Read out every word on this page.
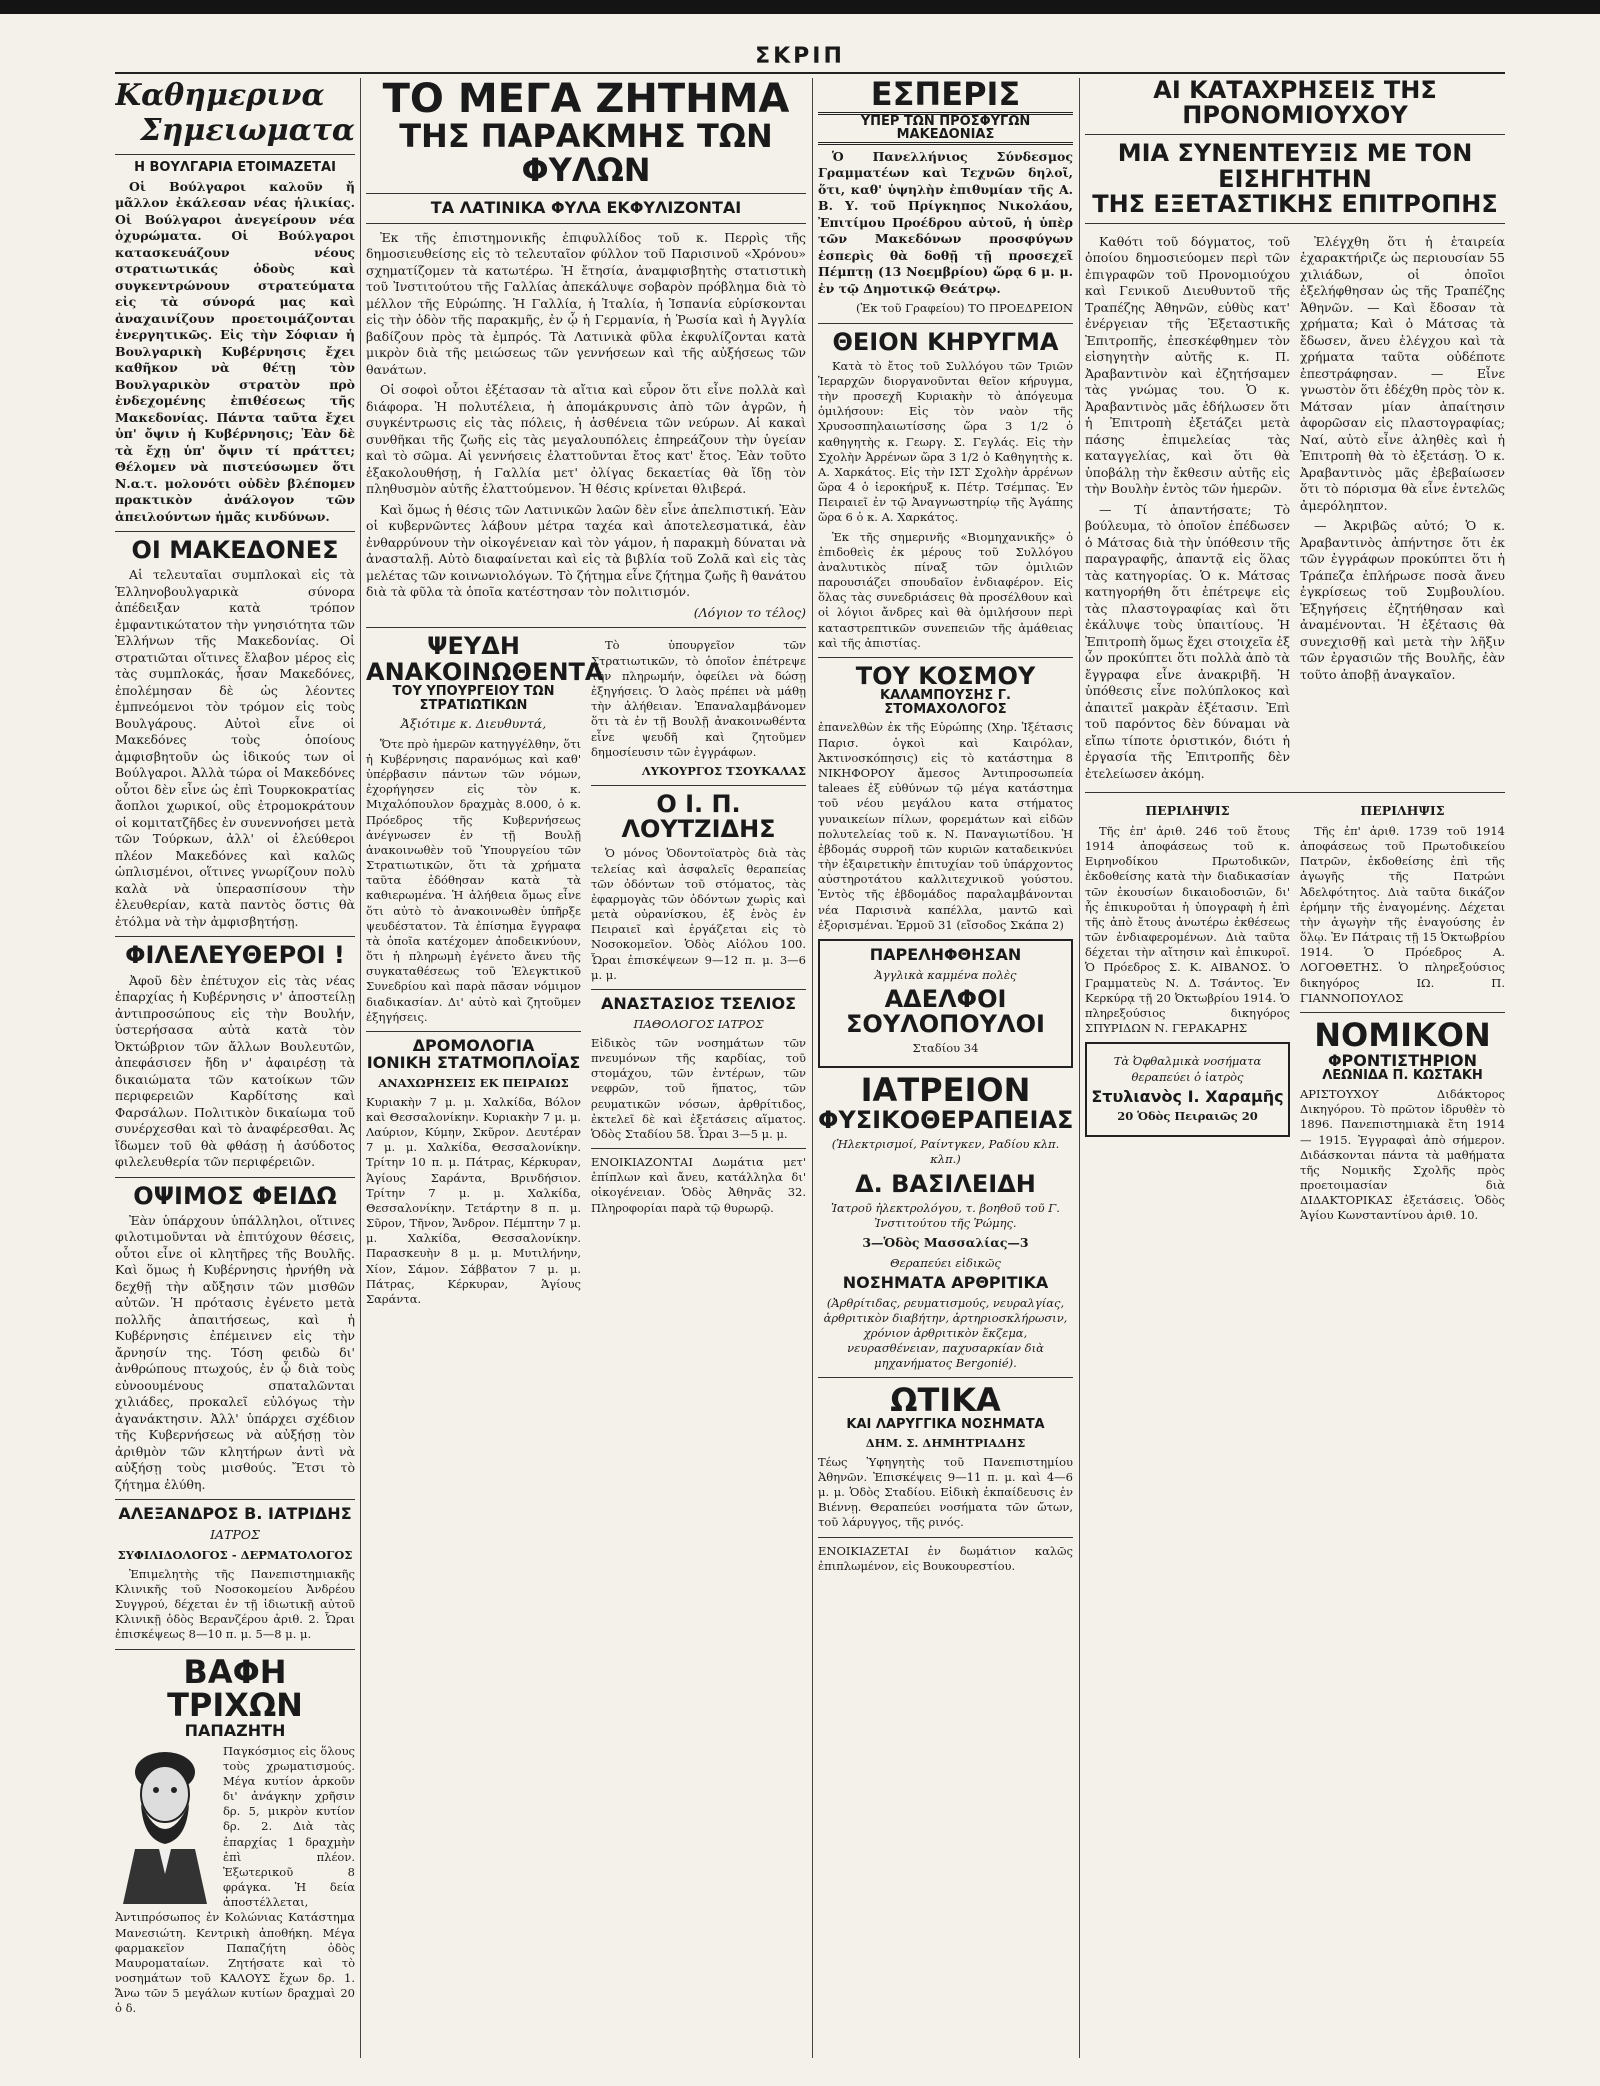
ΣΚΡΙΠ
Καθημερινα
Σημειωματα
Η ΒΟΥΛΓΑΡΙΑ ΕΤΟΙΜΑΖΕΤΑΙ

Οἱ Βούλγαροι καλοῦν ἤ μᾶλλον ἐκάλεσαν νέας ἡλικίας. Οἱ Βούλγαροι ἀνεγείρουν νέα ὀχυρώματα. Οἱ Βούλγαροι κατασκευάζουν νέους στρατιωτικάς ὁδοὺς καὶ συγκεντρώνουν στρατεύματα εἰς τὰ σύνορά μας καὶ ἀναχαινίζουν προετοιμάζονται ἐνεργητικῶς. Εἰς τὴν Σόφιαν ἡ Βουλγαρικὴ Κυβέρνησις ἔχει καθῆκον νὰ θέτῃ τὸν Βουλγαρικὸν στρατὸν πρὸ ἐνδεχομένης ἐπιθέσεως τῆς Μακεδονίας. Πάντα ταῦτα ἔχει ὑπ' ὄψιν ἡ Κυβέρνησις; Ἐὰν δὲ τὰ ἔχῃ ὑπ' ὄψιν τί πράττει; Θέλομεν νὰ πιστεύσωμεν ὅτι Ν.α.τ. μολονότι οὐδὲν βλέπομεν πρακτικὸν ἀνάλογον τῶν ἀπειλούντων ἡμᾶς κινδύνων.

ΟΙ ΜΑΚΕΔΟΝΕΣ

Αἱ τελευταῖαι συμπλοκαὶ εἰς τὰ Ἑλληνοβουλγαρικὰ σύνορα ἀπέδειξαν κατὰ τρόπον ἐμφαντικώτατον τὴν γνησιότητα τῶν Ἑλλήνων τῆς Μακεδονίας. Οἱ στρατιῶται οἵτινες ἔλαβον μέρος εἰς τὰς συμπλοκάς, ἦσαν Μακεδόνες, ἐπολέμησαν δὲ ὡς λέοντες ἐμπνεόμενοι τὸν τρόμον εἰς τοὺς Βουλγάρους. Αὐτοὶ εἶνε οἱ Μακεδόνες τοὺς ὁποίους ἀμφισβητοῦν ὡς ἰδικούς των οἱ Βούλγαροι. Ἀλλὰ τώρα οἱ Μακεδόνες οὗτοι δὲν εἶνε ὡς ἐπὶ Τουρκοκρατίας ἄοπλοι χωρικοί, οὓς ἐτρομοκράτουν οἱ κομιτατζῆδες ἐν συνεννοήσει μετὰ τῶν Τούρκων, ἀλλ' οἱ ἐλεύθεροι πλέον Μακεδόνες καὶ καλῶς ὡπλισμένοι, οἵτινες γνωρίζουν πολὺ καλὰ νὰ ὑπερασπίσουν τὴν ἐλευθερίαν, κατὰ παντὸς ὅστις θὰ ἐτόλμα νὰ τὴν ἀμφισβητήσῃ.

ΦΙΛΕΛΕΥΘΕΡΟΙ !

Ἀφοῦ δὲν ἐπέτυχον εἰς τὰς νέας ἐπαρχίας ἡ Κυβέρνησις ν' ἀποστείλῃ ἀντιπροσώπους εἰς τὴν Βουλήν, ὑστερήσασα αὐτὰ κατὰ τὸν Ὀκτώβριον τῶν ἄλλων Βουλευτῶν, ἀπεφάσισεν ἤδη ν' ἀφαιρέσῃ τὰ δικαιώματα τῶν κατοίκων τῶν περιφερειῶν Καρδίτσης καὶ Φαρσάλων. Πολιτικὸν δικαίωμα τοῦ συνέρχεσθαι καὶ τὸ ἀναφέρεσθαι. Ἀς ἴδωμεν τοῦ θὰ φθάσῃ ἡ ἀσύδοτος φιλελευθερία τῶν περιφέρειῶν.

ΟΨΙΜΟΣ ΦΕΙΔΩ

Ἐὰν ὑπάρχουν ὑπάλληλοι, οἵτινες φιλοτιμοῦνται νὰ ἐπιτύχουν θέσεις, οὗτοι εἶνε οἱ κλητῆρες τῆς Βουλῆς. Καὶ ὅμως ἡ Κυβέρνησις ἠρνήθη νὰ δεχθῇ τὴν αὔξησιν τῶν μισθῶν αὐτῶν. Ἡ πρότασις ἐγένετο μετὰ πολλῆς ἀπαιτήσεως, καὶ ἡ Κυβέρνησις ἐπέμεινεν εἰς τὴν ἄρνησίν της. Τόση φειδὼ δι' ἀνθρώπους πτωχούς, ἐν ᾧ διὰ τοὺς εὐνοουμένους σπαταλῶνται χιλιάδες, προκαλεῖ εὐλόγως τὴν ἀγανάκτησιν. Ἀλλ' ὑπάρχει σχέδιον τῆς Κυβερνήσεως νὰ αὐξήσῃ τὸν ἀριθμὸν τῶν κλητήρων ἀντὶ νὰ αὐξήσῃ τοὺς μισθούς. Ἔτσι τὸ ζήτημα ἐλύθη.

ΑΛΕΞΑΝΔΡΟΣ Β. ΙΑΤΡΙΔΗΣ
ΙΑΤΡΟΣ
ΣΥΦΙΛΙΔΟΛΟΓΟΣ - ΔΕΡΜΑΤΟΛΟΓΟΣ

Ἐπιμελητὴς τῆς Πανεπιστημιακῆς Κλινικῆς τοῦ Νοσοκομείου Ἀνδρέου Συγγρού, δέχεται ἐν τῇ ἰδιωτικῇ αὐτοῦ Κλινικῇ ὁδὸς Βερανζέρου ἀριθ. 2. Ὧραι ἐπισκέψεως 8—10 π. μ. 5—8 μ. μ.

ΒΑΦΗ ΤΡΙΧΩΝ
ΠΑΠΑΖΗΤΗ

Παγκόσμιος εἰς ὅλους τοὺς χρωματισμούς. Μέγα κυτίον ἀρκοῦν δι' ἀνάγκην χρῆσιν δρ. 5, μικρὸν κυτίον δρ. 2. Διὰ τὰς ἐπαρχίας 1 δραχμὴν ἐπὶ πλέον. Ἐξωτερικοῦ 8 φράγκα. Ἡ δεία ἀποστέλλεται, Ἀντιπρόσωπος ἐν Κολώνιας Κατάστημα Μανεσιώτη. Κεντρικὴ ἀποθήκη. Μέγα φαρμακεῖον Παπαζήτη ὁδὸς Μαυροματαίων. Ζητήσατε καὶ τὸ νοσημάτων τοῦ ΚΑΛΟΥΣ ἔχων δρ. 1. Ἄνω τῶν 5 μεγάλων κυτίων δραχμαὶ 20 ὁ δ.

ΤΟ ΜΕΓΑ ΖΗΤΗΜΑ
ΤΗΣ ΠΑΡΑΚΜΗΣ ΤΩΝ ΦΥΛΩΝ
ΤΑ ΛΑΤΙΝΙΚΑ ΦΥΛΑ ΕΚΦΥΛΙΖΟΝΤΑΙ

Ἐκ τῆς ἐπιστημονικῆς ἐπιφυλλίδος τοῦ κ. Περρὶς τῆς δημοσιευθείσης εἰς τὸ τελευταῖον φύλλον τοῦ Παρισινοῦ «Χρόνου» σχηματίζομεν τὰ κατωτέρω. Ἡ ἔτησία, ἀναμφισβητὴς στατιστικὴ τοῦ Ἰνστιτούτου τῆς Γαλλίας ἀπεκάλυψε σοβαρὸν πρόβλημα διὰ τὸ μέλλον τῆς Εὐρώπης. Ἡ Γαλλία, ἡ Ἰταλία, ἡ Ἱσπανία εὑρίσκονται εἰς τὴν ὁδὸν τῆς παρακμῆς, ἐν ᾧ ἡ Γερμανία, ἡ Ῥωσία καὶ ἡ Ἀγγλία βαδίζουν πρὸς τὰ ἐμπρός. Τὰ Λατινικὰ φῦλα ἐκφυλίζονται κατὰ μικρὸν διὰ τῆς μειώσεως τῶν γεννήσεων καὶ τῆς αὐξήσεως τῶν θανάτων.

Οἱ σοφοὶ οὗτοι ἐξέτασαν τὰ αἴτια καὶ εὗρον ὅτι εἶνε πολλὰ καὶ διάφορα. Ἡ πολυτέλεια, ἡ ἀπομάκρυνσις ἀπὸ τῶν ἀγρῶν, ἡ συγκέντρωσις εἰς τὰς πόλεις, ἡ ἀσθένεια τῶν νεύρων. Αἱ κακαὶ συνθῆκαι τῆς ζωῆς εἰς τὰς μεγαλουπόλεις ἐπηρεάζουν τὴν ὑγείαν καὶ τὸ σῶμα. Αἱ γεννήσεις ἐλαττοῦνται ἔτος κατ' ἔτος. Ἐὰν τοῦτο ἐξακολουθήσῃ, ἡ Γαλλία μετ' ὀλίγας δεκαετίας θὰ ἴδῃ τὸν πληθυσμὸν αὐτῆς ἐλαττούμενον. Ἡ θέσις κρίνεται θλιβερά.

Καὶ ὅμως ἡ θέσις τῶν Λατινικῶν λαῶν δὲν εἶνε ἀπελπιστική. Ἐὰν οἱ κυβερνῶντες λάβουν μέτρα ταχέα καὶ ἀποτελεσματικά, ἐὰν ἐνθαρρύνουν τὴν οἰκογένειαν καὶ τὸν γάμον, ἡ παρακμὴ δύναται νὰ ἀνασταλῇ. Αὐτὸ διαφαίνεται καὶ εἰς τὰ βιβλία τοῦ Ζολᾶ καὶ εἰς τὰς μελέτας τῶν κοινωνιολόγων. Τὸ ζήτημα εἶνε ζήτημα ζωῆς ἢ θανάτου διὰ τὰ φῦλα τὰ ὁποῖα κατέστησαν τὸν πολιτισμόν.

(Λόγιον το τέλος)
ΨΕΥΔΗ ΑΝΑΚΟΙΝΩΘΕΝΤΑ
ΤΟΥ ΥΠΟΥΡΓΕΙΟΥ ΤΩΝ ΣΤΡΑΤΙΩΤΙΚΩΝ
Ἀξιότιμε κ. Διευθυντά,

Ὅτε πρὸ ἡμερῶν κατηγγέλθην, ὅτι ἡ Κυβέρνησις παρανόμως καὶ καθ' ὑπέρβασιν πάντων τῶν νόμων, ἐχορήγησεν εἰς τὸν κ. Μιχαλόπουλον δραχμὰς 8.000, ὁ κ. Πρόεδρος τῆς Κυβερνήσεως ἀνέγνωσεν ἐν τῇ Βουλῇ ἀνακοινωθὲν τοῦ Ὑπουργείου τῶν Στρατιωτικῶν, ὅτι τὰ χρήματα ταῦτα ἐδόθησαν κατὰ τὰ καθιερωμένα. Ἡ ἀλήθεια ὅμως εἶνε ὅτι αὐτὸ τὸ ἀνακοινωθὲν ὑπῆρξε ψευδέστατον. Τὰ ἐπίσημα ἔγγραφα τὰ ὁποῖα κατέχομεν ἀποδεικνύουν, ὅτι ἡ πληρωμὴ ἐγένετο ἄνευ τῆς συγκαταθέσεως τοῦ Ἐλεγκτικοῦ Συνεδρίου καὶ παρὰ πᾶσαν νόμιμον διαδικασίαν. Δι' αὐτὸ καὶ ζητοῦμεν ἐξηγήσεις.

ΔΡΟΜΟΛΟΓΙΑ
ΙΟΝΙΚΗ ΣΤΑΤΜΟΠΛΟΪΑΣ
ΑΝΑΧΩΡΗΣΕΙΣ ΕΚ ΠΕΙΡΑΙΩΣ

Κυριακὴν 7 μ. μ. Χαλκίδα, Βόλον καὶ Θεσσαλονίκην. Κυριακὴν 7 μ. μ. Λαύριον, Κύμην, Σκῦρον. Δευτέραν 7 μ. μ. Χαλκίδα, Θεσσαλονίκην. Τρίτην 10 π. μ. Πάτρας, Κέρκυραν, Ἁγίους Σαράντα, Βρινδήσιον. Τρίτην 7 μ. μ. Χαλκίδα, Θεσσαλονίκην. Τετάρτην 8 π. μ. Σῦρον, Τῆνον, Ἄνδρον. Πέμπτην 7 μ. μ. Χαλκίδα, Θεσσαλονίκην. Παρασκευὴν 8 μ. μ. Μυτιλήνην, Χίον, Σάμον. Σάββατον 7 μ. μ. Πάτρας, Κέρκυραν, Ἁγίους Σαράντα.

Τὸ ὑπουργεῖον τῶν Στρατιωτικῶν, τὸ ὁποῖον ἐπέτρεψε τὴν πληρωμήν, ὀφείλει νὰ δώσῃ ἐξηγήσεις. Ὁ λαὸς πρέπει νὰ μάθῃ τὴν ἀλήθειαν. Ἐπαναλαμβάνομεν ὅτι τὰ ἐν τῇ Βουλῇ ἀνακοινωθέντα εἶνε ψευδῆ καὶ ζητοῦμεν δημοσίευσιν τῶν ἐγγράφων.

ΛΥΚΟΥΡΓΟΣ ΤΣΟΥΚΑΛΑΣ
Ο Ι. Π. ΛΟΥΤΖΙΔΗΣ

Ὁ μόνος Ὁδοντοϊατρὸς διὰ τὰς τελείας καὶ ἀσφαλεῖς θεραπείας τῶν ὀδόντων τοῦ στόματος, τὰς ἐφαρμογὰς τῶν ὀδόντων χωρὶς καὶ μετὰ οὐρανίσκου, ἐξ ἑνὸς ἐν Πειραιεῖ καὶ ἐργάζεται εἰς τὸ Νοσοκομεῖον. Ὁδὸς Αἰόλου 100. Ὧραι ἐπισκέψεων 9—12 π. μ. 3—6 μ. μ.

ΑΝΑΣΤΑΣΙΟΣ ΤΣΕΛΙΟΣ
ΠΑΘΟΛΟΓΟΣ ΙΑΤΡΟΣ

Εἰδικὸς τῶν νοσημάτων τῶν πνευμόνων τῆς καρδίας, τοῦ στομάχου, τῶν ἐντέρων, τῶν νεφρῶν, τοῦ ἥπατος, τῶν ρευματικῶν νόσων, ἀρθρίτιδος, ἐκτελεῖ δὲ καὶ ἐξετάσεις αἵματος. Ὁδὸς Σταδίου 58. Ὧραι 3—5 μ. μ.

ΕΝΟΙΚΙΑΖΟΝΤΑΙ Δωμάτια μετ' ἐπίπλων καὶ ἄνευ, κατάλληλα δι' οἰκογένειαν. Ὁδὸς Ἀθηνᾶς 32. Πληροφορίαι παρὰ τῷ θυρωρῷ.

ΕΣΠΕΡΙΣ
ΥΠΕΡ ΤΩΝ ΠΡΟΣΦΥΓΩΝ ΜΑΚΕΔΟΝΙΑΣ

Ὁ Πανελλήνιος Σύνδεσμος Γραμματέων καὶ Τεχνῶν δηλοῖ, ὅτι, καθ' ὑψηλὴν ἐπιθυμίαν τῆς Α. Β. Υ. τοῦ Πρίγκηπος Νικολάου, Ἐπιτίμου Προέδρου αὐτοῦ, ἡ ὑπὲρ τῶν Μακεδόνων προσφύγων ἑσπερὶς θὰ δοθῇ τῇ προσεχεῖ Πέμπτῃ (13 Νοεμβρίου) ὥρᾳ 6 μ. μ. ἐν τῷ Δημοτικῷ Θεάτρῳ.

(Ἐκ τοῦ Γραφείου) ΤΟ ΠΡΟΕΔΡΕΙΟΝ
ΘΕΙΟΝ ΚΗΡΥΓΜΑ

Κατὰ τὸ ἔτος τοῦ Συλλόγου τῶν Τριῶν Ἱεραρχῶν διοργανοῦνται θεῖον κήρυγμα, τὴν προσεχῆ Κυριακὴν τὸ ἀπόγευμα ὁμιλήσουν: Εἰς τὸν ναὸν τῆς Χρυσοσπηλαιωτίσσης ὥρα 3 1/2 ὁ καθηγητὴς κ. Γεωργ. Σ. Γεγλάς. Εἰς τὴν Σχολὴν Ἀρρένων ὥρα 3 1/2 ὁ Καθηγητὴς κ. Α. Χαρκάτος. Εἰς τὴν ΙΣΤ Σχολὴν ἀρρένων ὥρα 4 ὁ ἱεροκήρυξ κ. Πέτρ. Τσέμπας. Ἐν Πειραιεῖ ἐν τῷ Ἀναγνωστηρίῳ τῆς Ἀγάπης ὥρα 6 ὁ κ. Α. Χαρκάτος.

Ἐκ τῆς σημερινῆς «Βιομηχανικῆς» ὁ ἐπιδοθεὶς ἐκ μέρους τοῦ Συλλόγου ἀναλυτικὸς πίναξ τῶν ὁμιλιῶν παρουσιάζει σπουδαῖον ἐνδιαφέρον. Εἰς ὅλας τὰς συνεδριάσεις θὰ προσέλθουν καὶ οἱ λόγιοι ἄνδρες καὶ θὰ ὁμιλήσουν περὶ καταστρεπτικῶν συνεπειῶν τῆς ἀμάθειας καὶ τῆς ἀπιστίας.

ΤΟΥ ΚΟΣΜΟΥ
ΚΑΛΑΜΠΟΥΣΗΣ Γ. ΣΤΟΜΑΧΟΛΟΓΟΣ

ἐπανελθὼν ἐκ τῆς Εὐρώπης (Χηρ. Ἰξέτασις Παρισ. ὁγκοὶ καὶ Καιρόλαν, Ἀκτινοσκόπησις) εἰς τὸ κατάστημα 8 ΝΙΚΗΦΟΡΟΥ ἄμεσος Ἀντιπροσωπεία taleaes ἐξ εὐθύνων τῷ μέγα κατάστημα τοῦ νέου μεγάλου κατα στήματος γυναικείων πίλων, φορεμάτων καὶ εἰδῶν πολυτελείας τοῦ κ. Ν. Παναγιωτίδου. Ἡ ἐβδομάς συρροῆ τῶν κυριῶν καταδεικνύει τὴν ἐξαιρετικὴν ἐπιτυχίαν τοῦ ὑπάρχοντος αὐστηροτάτου καλλιτεχνικοῦ γούστου. Ἐντὸς τῆς ἑβδομάδος παραλαμβάνονται νέα Παρισινὰ καπέλλα, μαντῶ καὶ ἐξορισμέναι. Ἑρμοῦ 31 (εἴσοδος Σκάπα 2)

ΠΑΡΕΛΗΦΘΗΣΑΝ
Ἀγγλικὰ καμμένα πολὲς
ΑΔΕΛΦΟΙ ΣΟΥΛΟΠΟΥΛΟΙ
Σταδίου 34
ΙΑΤΡΕΙΟΝ
ΦΥΣΙΚΟΘΕΡΑΠΕΙΑΣ
(Ἠλεκτρισμοί, Ραίντγκεν, Ραδίου κλπ. κλπ.)
Δ. ΒΑΣΙΛΕΙΔΗ
Ἰατροῦ ἠλεκτρολόγου, τ. βοηθοῦ τοῦ Γ. Ἰνστιτούτου τῆς Ῥώμης.
3—Ὁδὸς Μασσαλίας—3
Θεραπεύει εἰδικῶς
ΝΟΣΗΜΑΤΑ ΑΡΘΡΙΤΙΚΑ

(Ἀρθρίτιδας, ρευματισμούς, νευραλγίας, ἀρθριτικὸν διαβήτην, ἀρτηριοσκλήρωσιν, χρόνιον ἀρθριτικὸν ἔκζεμα, νευρασθένειαν, παχυσαρκίαν διὰ μηχανήματος Bergonié).

ΩΤΙΚΑ
ΚΑΙ ΛΑΡΥΓΓΙΚΑ ΝΟΣΗΜΑΤΑ
ΔΗΜ. Σ. ΔΗΜΗΤΡΙΑΔΗΣ

Τέως Ὑφηγητὴς τοῦ Πανεπιστημίου Ἀθηνῶν. Ἐπισκέψεις 9—11 π. μ. καὶ 4—6 μ. μ. Ὁδὸς Σταδίου. Εἰδικὴ ἐκπαίδευσις ἐν Βιέννῃ. Θεραπεύει νοσήματα τῶν ὤτων, τοῦ λάρυγγος, τῆς ρινός.

ΕΝΟΙΚΙΑΖΕΤΑΙ ἐν δωμάτιον καλῶς ἐπιπλωμένον, εἰς Βουκουρεστίου.

ΑΙ ΚΑΤΑΧΡΗΣΕΙΣ ΤΗΣ ΠΡΟΝΟΜΙΟΥΧΟΥ
ΜΙΑ ΣΥΝΕΝΤΕΥΞΙΣ ΜΕ ΤΟΝ ΕΙΣΗΓΗΤΗΝ
ΤΗΣ ΕΞΕΤΑΣΤΙΚΗΣ ΕΠΙΤΡΟΠΗΣ

Καθότι τοῦ δόγματος, τοῦ ὁποίου δημοσιεύομεν περὶ τῶν ἐπιγραφῶν τοῦ Προνομιούχου καὶ Γενικοῦ Διευθυντοῦ τῆς Τραπέζης Ἀθηνῶν, εὐθὺς κατ' ἐνέργειαν τῆς Ἐξεταστικῆς Ἐπιτροπῆς, ἐπεσκέφθημεν τὸν εἰσηγητὴν αὐτῆς κ. Π. Ἀραβαντινὸν καὶ ἐζητήσαμεν τὰς γνώμας του. Ὁ κ. Ἀραβαντινὸς μᾶς ἐδήλωσεν ὅτι ἡ Ἐπιτροπὴ ἐξετάζει μετὰ πάσης ἐπιμελείας τὰς καταγγελίας, καὶ ὅτι θὰ ὑποβάλῃ τὴν ἔκθεσιν αὐτῆς εἰς τὴν Βουλὴν ἐντὸς τῶν ἡμερῶν.

— Τί ἀπαντήσατε; Τὸ βούλευμα, τὸ ὁποῖον ἐπέδωσεν ὁ Μάτσας διὰ τὴν ὑπόθεσιν τῆς παραγραφῆς, ἀπαντᾷ εἰς ὅλας τὰς κατηγορίας. Ὁ κ. Μάτσας κατηγορήθη ὅτι ἐπέτρεψε εἰς τὰς πλαστογραφίας καὶ ὅτι ἐκάλυψε τοὺς ὑπαιτίους. Ἡ Ἐπιτροπὴ ὅμως ἔχει στοιχεῖα ἐξ ὧν προκύπτει ὅτι πολλὰ ἀπὸ τὰ ἔγγραφα εἶνε ἀνακριβῆ. Ἡ ὑπόθεσις εἶνε πολύπλοκος καὶ ἀπαιτεῖ μακρὰν ἐξέτασιν. Ἐπὶ τοῦ παρόντος δὲν δύναμαι νὰ εἴπω τίποτε ὁριστικόν, διότι ἡ ἐργασία τῆς Ἐπιτροπῆς δὲν ἐτελείωσεν ἀκόμη.

Ἐλέγχθη ὅτι ἡ ἑταιρεία ἐχαρακτήριζε ὡς περιουσίαν 55 χιλιάδων, οἱ ὁποῖοι ἐξελήφθησαν ὡς τῆς Τραπέζης Ἀθηνῶν. — Καὶ ἔδοσαν τὰ χρήματα; Καὶ ὁ Μάτσας τὰ ἔδωσεν, ἄνευ ἐλέγχου καὶ τὰ χρήματα ταῦτα οὐδέποτε ἐπεστράφησαν. — Εἶνε γνωστὸν ὅτι ἐδέχθη πρὸς τὸν κ. Μάτσαν μίαν ἀπαίτησιν ἀφορῶσαν εἰς πλαστογραφίας; Ναί, αὐτὸ εἶνε ἀληθὲς καὶ ἡ Ἐπιτροπὴ θὰ τὸ ἐξετάσῃ. Ὁ κ. Ἀραβαντινὸς μᾶς ἐβεβαίωσεν ὅτι τὸ πόρισμα θὰ εἶνε ἐντελῶς ἀμερόληπτον.

— Ἀκριβῶς αὐτό; Ὁ κ. Ἀραβαντινὸς ἀπήντησε ὅτι ἐκ τῶν ἐγγράφων προκύπτει ὅτι ἡ Τράπεζα ἐπλήρωσε ποσὰ ἄνευ ἐγκρίσεως τοῦ Συμβουλίου. Ἐξηγήσεις ἐζητήθησαν καὶ ἀναμένονται. Ἡ ἐξέτασις θὰ συνεχισθῇ καὶ μετὰ τὴν λῆξιν τῶν ἐργασιῶν τῆς Βουλῆς, ἐὰν τοῦτο ἀποβῇ ἀναγκαῖον.

ΠΕΡΙΛΗΨΙΣ

Τῆς ἐπ' ἀριθ. 246 τοῦ ἔτους 1914 ἀποφάσεως τοῦ κ. Ειρηνοδίκου Πρωτοδικῶν, ἐκδοθείσης κατὰ τὴν διαδικασίαν τῶν ἐκουσίων δικαιοδοσιῶν, δι' ἧς ἐπικυροῦται ἡ ὑπογραφὴ ἡ ἐπὶ τῆς ἀπὸ ἔτους ἀνωτέρω ἐκθέσεως τῶν ἐνδιαφερομένων. Διὰ ταῦτα δέχεται τὴν αἴτησιν καὶ ἐπικυροῖ. Ὁ Πρόεδρος Σ. Κ. ΑΙΒΑΝΟΣ. Ὁ Γραμματεὺς Ν. Δ. Τσάντος. Ἐν Κερκύρᾳ τῇ 20 Ὀκτωβρίου 1914. Ὁ πληρεξούσιος δικηγόρος ΣΠΥΡΙΔΩΝ Ν. ΓΕΡΑΚΑΡΗΣ

Τὰ Ὀφθαλμικὰ νοσήματα θεραπεύει ὁ ἰατρὸς
Στυλιανὸς Ι. Χαραμῆς
20 Ὁδὸς Πειραιῶς 20
ΠΕΡΙΛΗΨΙΣ

Τῆς ἐπ' ἀριθ. 1739 τοῦ 1914 ἀποφάσεως τοῦ Πρωτοδικείου Πατρῶν, ἐκδοθείσης ἐπὶ τῆς ἀγωγῆς τῆς Πατρώνι Ἀδελφότητος. Διὰ ταῦτα δικάζον ἐρήμην τῆς ἐναγομένης. Δέχεται τὴν ἀγωγὴν τῆς ἐναγούσης ἐν ὅλῳ. Ἐν Πάτραις τῇ 15 Ὀκτωβρίου 1914. Ὁ Πρόεδρος Α. ΛΟΓΟΘΕΤΗΣ. Ὁ πληρεξούσιος δικηγόρος ΙΩ. Π. ΓΙΑΝΝΟΠΟΥΛΟΣ

ΝΟΜΙΚΟΝ
ΦΡΟΝΤΙΣΤΗΡΙΟΝ
ΛΕΩΝΙΔΑ Π. ΚΩΣΤΑΚΗ

ΑΡΙΣΤΟΥΧΟΥ Διδάκτορος Δικηγόρου. Τὸ πρῶτον ἱδρυθὲν τὸ 1896. Πανεπιστημιακὰ ἔτη 1914 — 1915. Ἐγγραφαὶ ἀπὸ σήμερον. Διδάσκονται πάντα τὰ μαθήματα τῆς Νομικῆς Σχολῆς πρὸς προετοιμασίαν διὰ ΔΙΔΑΚΤΟΡΙΚΑΣ ἐξετάσεις. Ὁδὸς Ἁγίου Κωνσταντίνου ἀριθ. 10.
